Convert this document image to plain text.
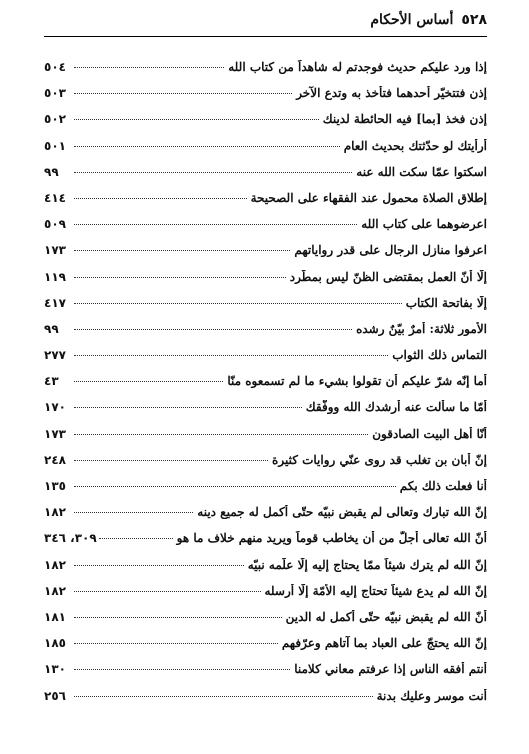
٥٢٨
أساس الأحكام
إذا ورد عليكم حديث فوجدتم له شاهداً من كتاب الله
٥٠٤
إذن فتتخيّر أحدهما فتأخذ به وتدع الآخر
٥٠٣
إذن فخذ [بما] فيه الحائطة لدينك
٥٠٢
أرأيتك لو حدّثتك بحديث العام
٥٠١
اسكتوا عمّا سكت الله عنه
٩٩
إطلاق الصلاة محمول عند الفقهاء على الصحيحة
٤١٤
اعرضوهما على كتاب الله
٥٠٩
اعرفوا منازل الرجال على قدر رواياتهم
١٧٣
إلّا أنّ العمل بمقتضى الظنّ ليس بمطّرد
١١٩
إلّا بفاتحة الكتاب
٤١٧
الأمور ثلاثة: أمرٌ بيّنٌ رشده
٩٩
التماس ذلك الثواب
٢٧٧
أما إنّه شرّ عليكم أن تقولوا بشيء ما لم تسمعوه منّا
٤٣
أمّا ما سألت عنه أرشدك الله ووفّقك
١٧٠
أنّا أهل البيت الصادقون
١٧٣
إنّ أبان بن تغلب قد روى عنّي روايات كثيرة
٢٤٨
أنا فعلت ذلك بكم
١٣٥
إنّ الله تبارك وتعالى لم يقبض نبيّه حتّى أكمل له جميع دينه
١٨٢
أنّ الله تعالى أجلّ من أن يخاطب قوماً ويريد منهم خلاف ما هو
٣٠٩، ٣٤٦
إنّ الله لم يترك شيئاً ممّا يحتاج إليه إلّا علّمه نبيّه
١٨٢
إنّ الله لم يدع شيئاً تحتاج إليه الأُمّة إلّا أرسله
١٨٢
أنّ الله لم يقبض نبيّه حتّى أكمل له الدين
١٨١
إنّ الله يحتجّ على العباد بما آتاهم وعرّفهم
١٨٥
أنتم أفقه الناس إذا عرفتم معاني كلامنا
١٣٠
أنت موسر وعليك بدنة
٢٥٦
